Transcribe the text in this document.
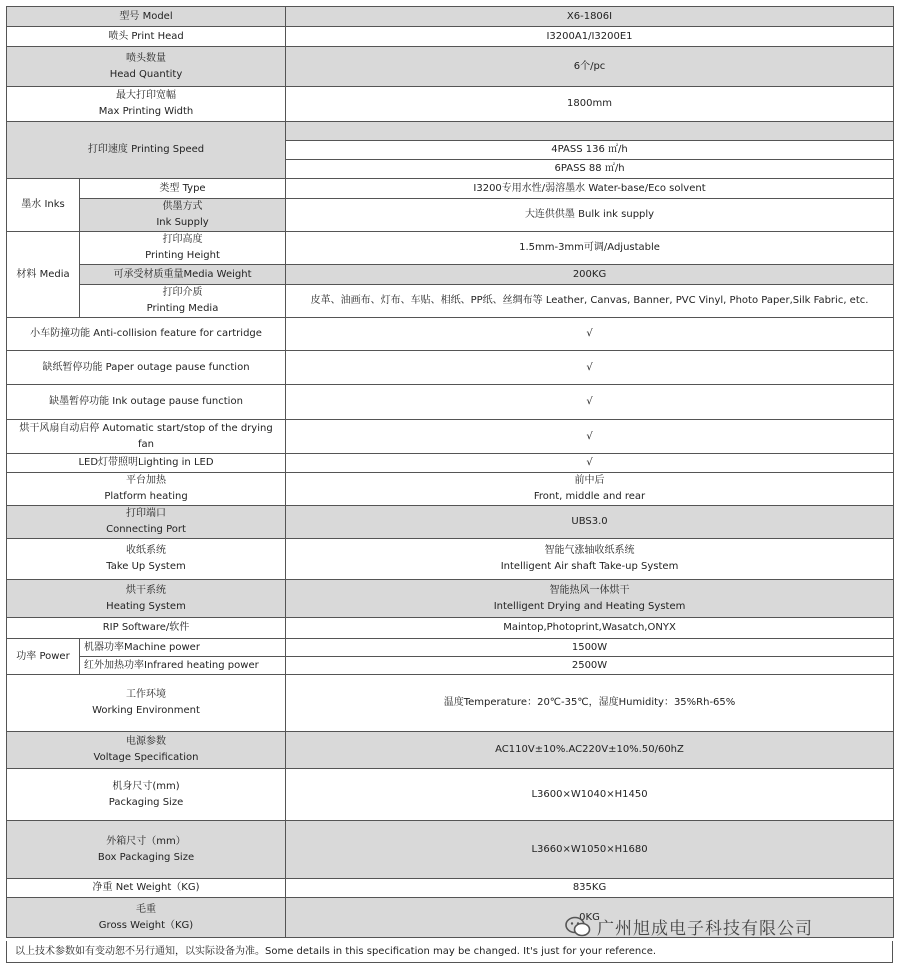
型号 Model		X6-1806I
喷头 Print Head		I3200A1/I3200E1

喷头数量
Head Quantity		6个/pc

最大打印宽幅
Max Printing Width		1800mm
打印速度 Printing Speed		
		4PASS 136 ㎡/h
		6PASS 88 ㎡/h
墨水 Inks	类型 Type	I3200专用水性/弱溶墨水 Water-base/Eco solvent

	供墨方式
Ink Supply	大连供供墨 Bulk ink supply
材料 Media	打印高度
Printing Height	1.5mm-3mm可调/Adjustable
	可承受材质重量Media Weight	200KG

	打印介质
Printing Media	皮革、油画布、灯布、车贴、相纸、PP纸、丝绸布等 Leather, Canvas, Banner, PVC Vinyl, Photo Paper,Silk Fabric, etc.
小车防撞功能 Anti-collision feature for cartridge		√
缺纸暂停功能 Paper outage pause function		√
缺墨暂停功能 Ink outage pause function		√
烘干风扇自动启停 Automatic start/stop of the drying fan		√
LED灯带照明Lighting in LED		√

平台加热
Platform heating		前中后
Front, middle and rear

打印端口
Connecting Port		UBS3.0

收纸系统
Take Up System		智能气涨轴收纸系统
Intelligent Air shaft Take-up System

烘干系统
Heating System		智能热风一体烘干
Intelligent Drying and Heating System

RIP Software/软件		Maintop,Photoprint,Wasatch,ONYX
功率 Power	机器功率Machine power	1500W
	红外加热功率Infrared heating power	2500W

工作环境
Working Environment		温度Temperature：20℃-35℃，湿度Humidity：35%Rh-65%

电源参数
Voltage Specification		AC110V±10%.AC220V±10%.50/60hZ

机身尺寸(mm)
Packaging Size		L3600×W1040×H1450

外箱尺寸（mm）
Box Packaging Size		L3660×W1050×H1680
净重 Net Weight（KG)		835KG

毛重
Gross Weight（KG)		0KG
以上技术参数如有变动恕不另行通知，以实际设备为准。Some details in this specification may be changed. It's just for your reference.
广州旭成电子科技有限公司
